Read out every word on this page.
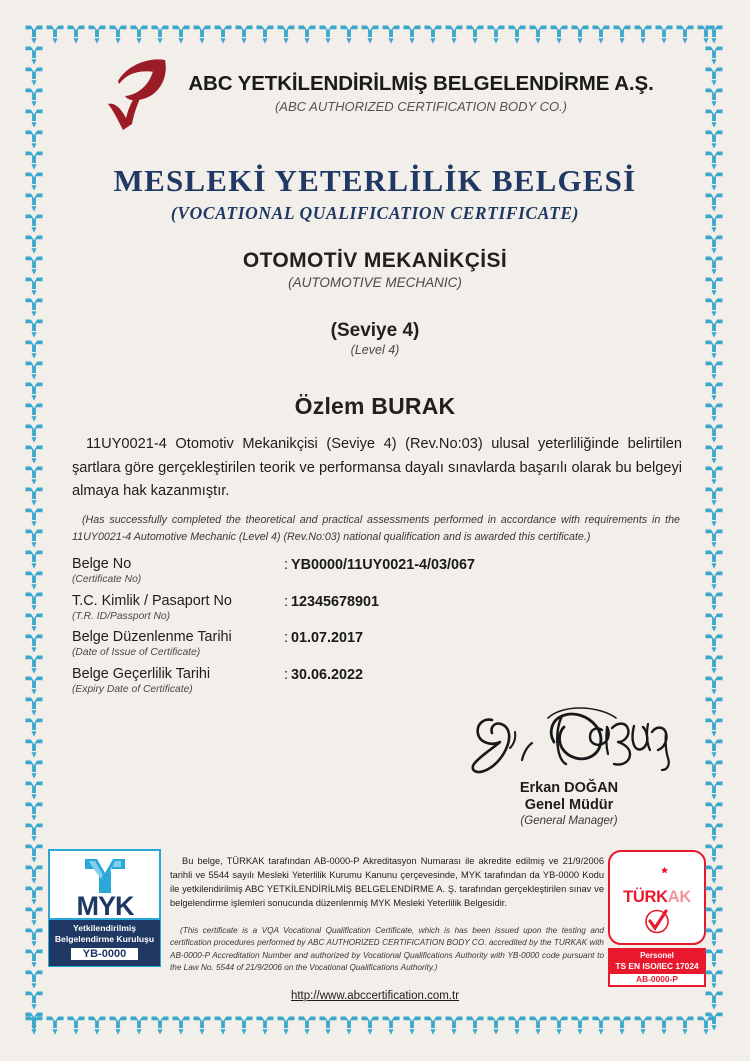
ABC YETKİLENDİRİLMİŞ BELGELENDİRME A.Ş.
(ABC AUTHORIZED CERTIFICATION BODY CO.)
MESLEKİ YETERLİLİK BELGESİ
(VOCATIONAL QUALIFICATION CERTIFICATE)
OTOMOTİV MEKANİKÇİSİ
(AUTOMOTIVE MECHANIC)
(Seviye 4)
(Level 4)
Özlem BURAK
11UY0021-4 Otomotiv Mekanikçisi (Seviye 4) (Rev.No:03) ulusal yeterliliğinde belirtilen şartlara göre gerçekleştirilen teorik ve performansa dayalı sınavlarda başarılı olarak bu belgeyi almaya hak kazanmıştır.
(Has successfully completed the theoretical and practical assessments performed in accordance with requirements in the 11UY0021-4 Automotive Mechanic (Level 4) (Rev.No:03) national qualification and is awarded this certificate.)
Belge No
(Certificate No)
: YB0000/11UY0021-4/03/067
T.C. Kimlik / Pasaport No
(T.R. ID/Passport No)
: 12345678901
Belge Düzenlenme Tarihi
(Date of Issue of Certificate)
: 01.07.2017
Belge Geçerlilik Tarihi
(Expiry Date of Certificate)
: 30.06.2022
Erkan DOĞAN
Genel Müdür
(General Manager)
MYK
Yetkilendirilmiş
Belgelendirme Kuruluşu
YB-0000
TÜRKAK
Personel
TS EN ISO/IEC 17024
AB-0000-P
Bu belge, TÜRKAK tarafından AB-0000-P Akreditasyon Numarası ile akredite edilmiş ve 21/9/2006 tarihli ve 5544 sayılı Mesleki Yeterlilik Kurumu Kanunu çerçevesinde, MYK tarafından da YB-0000 Kodu ile yetkilendirilmiş ABC YETKİLENDİRİLMİŞ BELGELENDİRME A. Ş. tarafından gerçekleştirilen sınav ve belgelendirme işlemleri sonucunda düzenlenmiş MYK Mesleki Yeterlilik Belgesidir.
(This certificate is a VQA Vocational Qualification Certificate, which is has been issued upon the testing and certification procedures performed by ABC AUTHORIZED CERTIFICATION BODY CO. accredited by the TURKAK with AB-0000-P Accreditation Number and authorized by Vocational Qualifications Authority with YB-0000 code pursuant to the Law No. 5544 of 21/9/2006 on the Vocational Qualifications Authority.)
http://www.abccertification.com.tr
